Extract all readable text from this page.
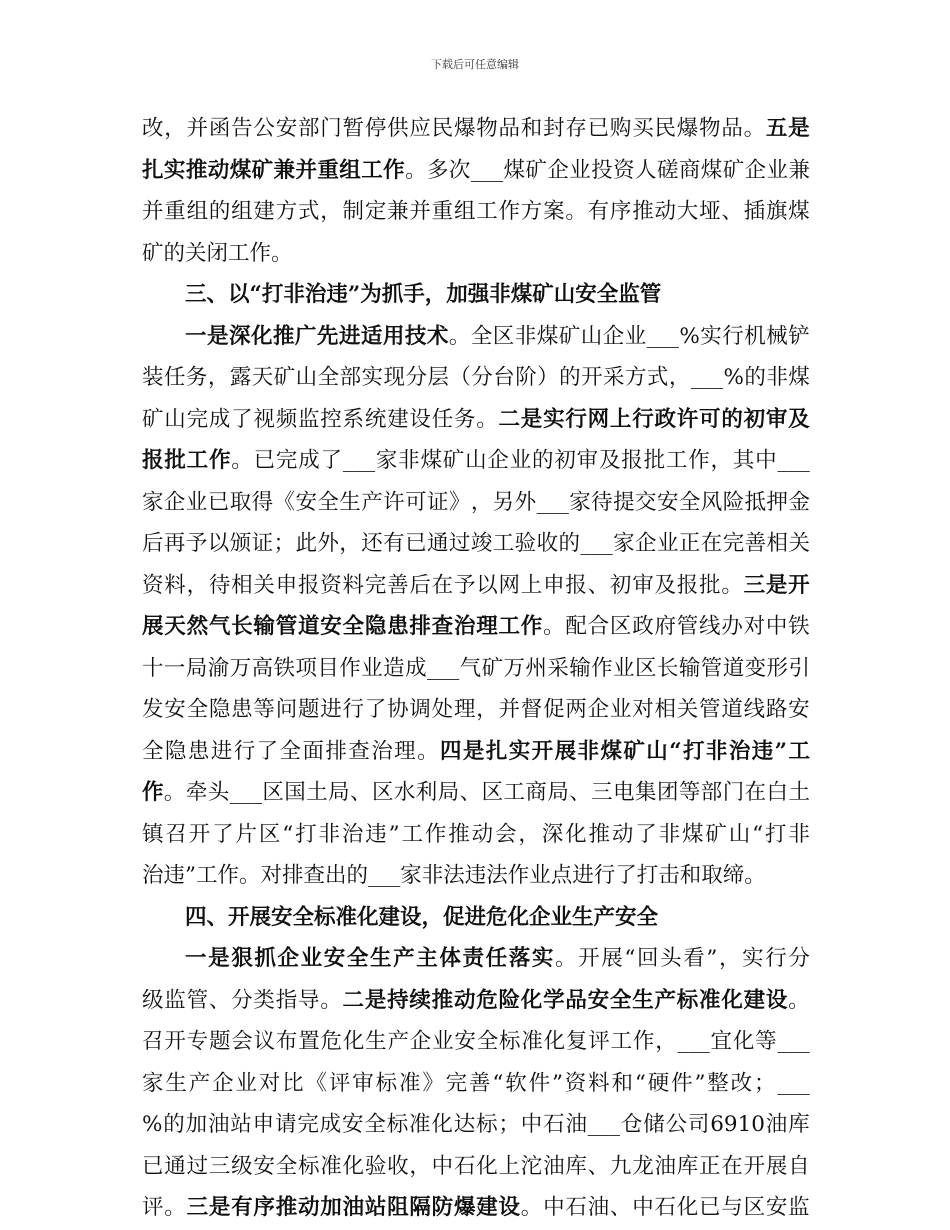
下载后可任意编辑
改 ， 并 函 告 公 安 部 门 暂 停 供 应 民 爆 物 品 和 封 存 已 购 买 民 爆 物 品 。 五 是
扎 实 推 动 煤 矿 兼 并 重 组 工 作 。 多 次 ___ 煤 矿 企 业 投 资 人 磋 商 煤 矿 企 业 兼
并 重 组 的 组 建 方 式 ， 制 定 兼 并 重 组 工 作 方 案 。 有 序 推 动 大 垭 、 插 旗 煤
矿的关闭工作。
三、以“打非治违”为抓手，加强非煤矿山安全监管
一 是 深 化 推 广 先 进 适 用 技 术 。 全 区 非 煤 矿 山 企 业 ___ % 实 行 机 械 铲
装 任 务 ， 露 天 矿 山 全 部 实 现 分 层 （ 分 台 阶 ） 的 开 采 方 式 ， ___ % 的 非 煤
矿 山 完 成 了 视 频 监 控 系 统 建 设 任 务 。 二 是 实 行 网 上 行 政 许 可 的 初 审 及
报 批 工 作 。 已 完 成 了 ___ 家 非 煤 矿 山 企 业 的 初 审 及 报 批 工 作 ， 其 中 ___
家 企 业 已 取 得 《 安 全 生 产 许 可 证 》 ， 另 外 ___ 家 待 提 交 安 全 风 险 抵 押 金
后 再 予 以 颁 证 ； 此 外 ， 还 有 已 通 过 竣 工 验 收 的 ___ 家 企 业 正 在 完 善 相 关
资 料 ， 待 相 关 申 报 资 料 完 善 后 在 予 以 网 上 申 报 、 初 审 及 报 批 。 三 是 开
展 天 然 气 长 输 管 道 安 全 隐 患 排 查 治 理 工 作 。 配 合 区 政 府 管 线 办 对 中 铁
十 一 局 渝 万 高 铁 项 目 作 业 造 成 ___ 气 矿 万 州 采 输 作 业 区 长 输 管 道 变 形 引
发 安 全 隐 患 等 问 题 进 行 了 协 调 处 理 ， 并 督 促 两 企 业 对 相 关 管 道 线 路 安
全 隐 患 进 行 了 全 面 排 查 治 理 。 四 是 扎 实 开 展 非 煤 矿 山 “ 打 非 治 违 ” 工
作 。 牵 头 ___ 区 国 土 局 、 区 水 利 局 、 区 工 商 局 、 三 电 集 团 等 部 门 在 白 土
镇 召 开 了 片 区 “ 打 非 治 违 ” 工 作 推 动 会 ， 深 化 推 动 了 非 煤 矿 山 “ 打 非
治违”工作。对排查出的___家非法违法作业点进行了打击和取缔。
四、开展安全标准化建设，促进危化企业生产安全
一 是 狠 抓 企 业 安 全 生 产 主 体 责 任 落 实 。 开 展 “ 回 头 看 ” ， 实 行 分
级 监 管 、 分 类 指 导 。 二 是 持 续 推 动 危 险 化 学 品 安 全 生 产 标 准 化 建 设 。
召 开 专 题 会 议 布 置 危 化 生 产 企 业 安 全 标 准 化 复 评 工 作 ， ___ 宜 化 等 ___
家 生 产 企 业 对 比 《 评 审 标 准 》 完 善 “ 软 件 ” 资 料 和 “ 硬 件 ” 整 改 ； ___
% 的 加 油 站 申 请 完 成 安 全 标 准 化 达 标 ； 中 石 油 ___ 仓 储 公 司 6910 油 库
已 通 过 三 级 安 全 标 准 化 验 收 ， 中 石 化 上 沱 油 库 、 九 龙 油 库 正 在 开 展 自
评 。 三 是 有 序 推 动 加 油 站 阻 隔 防 爆 建 设 。 中 石 油 、 中 石 化 已 与 区 安 监
